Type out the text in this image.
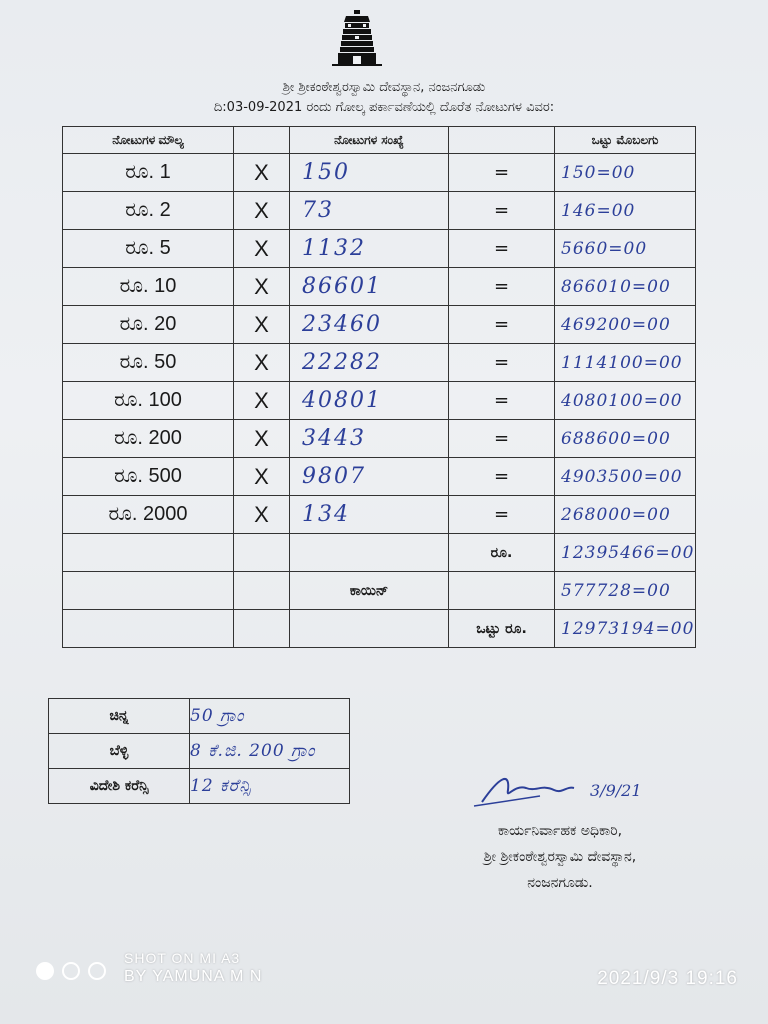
ಶ್ರೀ ಶ್ರೀಕಂಠೇಶ್ವರಸ್ವಾಮಿ ದೇವಸ್ಥಾನ, ನಂಜನಗೂಡು
ದಿ:03-09-2021 ರಂದು ಗೋಲ್ಕ ಪರ್ಕಾವಣೆಯಲ್ಲಿ ದೊರೆತ ನೋಟುಗಳ ವಿವರ:
ನೋಟುಗಳ ಮೌಲ್ಯ		ನೋಟುಗಳ ಸಂಖ್ಯೆ		ಒಟ್ಟು ಮೊಬಲಗು
ರೂ. 1	X	150	=	150=00
ರೂ. 2	X	73	=	146=00
ರೂ. 5	X	1132	=	5660=00
ರೂ. 10	X	86601	=	866010=00
ರೂ. 20	X	23460	=	469200=00
ರೂ. 50	X	22282	=	1114100=00
ರೂ. 100	X	40801	=	4080100=00
ರೂ. 200	X	3443	=	688600=00
ರೂ. 500	X	9807	=	4903500=00
ರೂ. 2000	X	134	=	268000=00
			ರೂ.	12395466=00
		ಕಾಯಿನ್		577728=00
			ಒಟ್ಟು ರೂ.	12973194=00
ಚಿನ್ನ	50 ಗ್ರಾಂ
ಬೆಳ್ಳಿ	8 ಕೆ.ಜಿ. 200 ಗ್ರಾಂ
ವಿದೇಶಿ ಕರೆನ್ಸಿ	12 ಕರೆನ್ಸಿ	3/9/21
ಕಾರ್ಯನಿರ್ವಾಹಕ ಅಧಿಕಾರಿ,
ಶ್ರೀ ಶ್ರೀಕಂಠೇಶ್ವರಸ್ವಾಮಿ ದೇವಸ್ಥಾನ,
ನಂಜನಗೂಡು.
SHOT ON MI A3
BY YAMUNA M N	2021/9/3 19:16
